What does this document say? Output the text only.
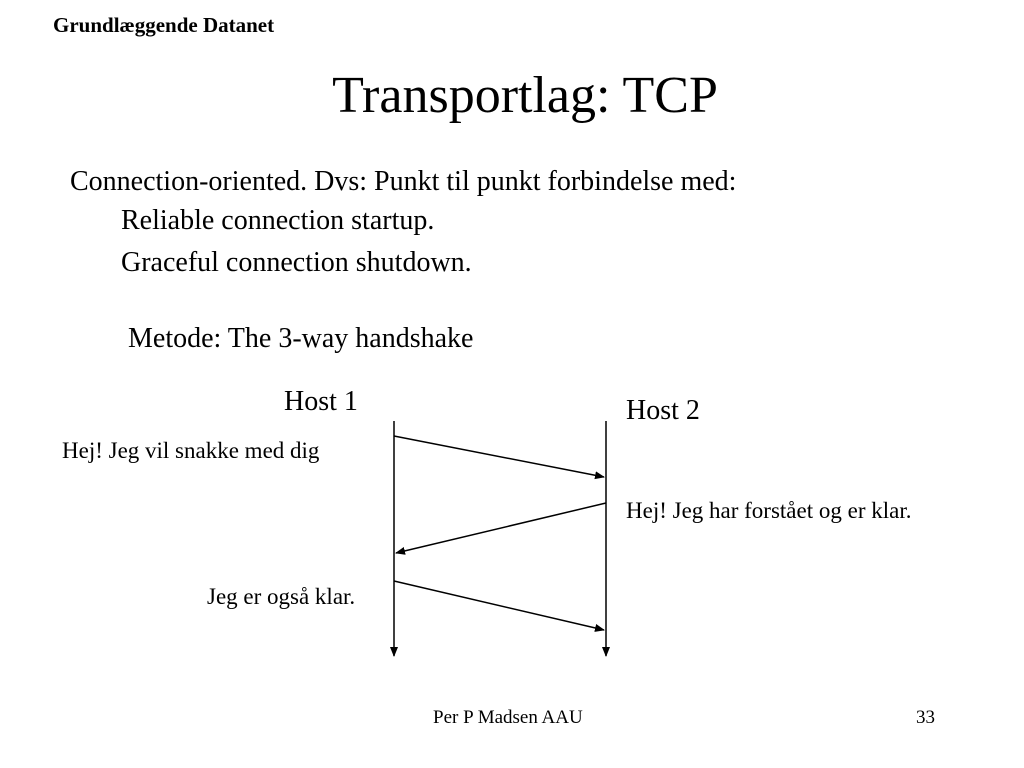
Grundlæggende Datanet
Transportlag: TCP
Connection-oriented. Dvs: Punkt til punkt forbindelse med:
Reliable connection startup.
Graceful connection shutdown.
Metode: The 3-way handshake
Host 1	Host 2
Hej! Jeg vil snakke med dig
Hej! Jeg har forstået og er klar.
Jeg er også klar.
Per P Madsen AAU	33
